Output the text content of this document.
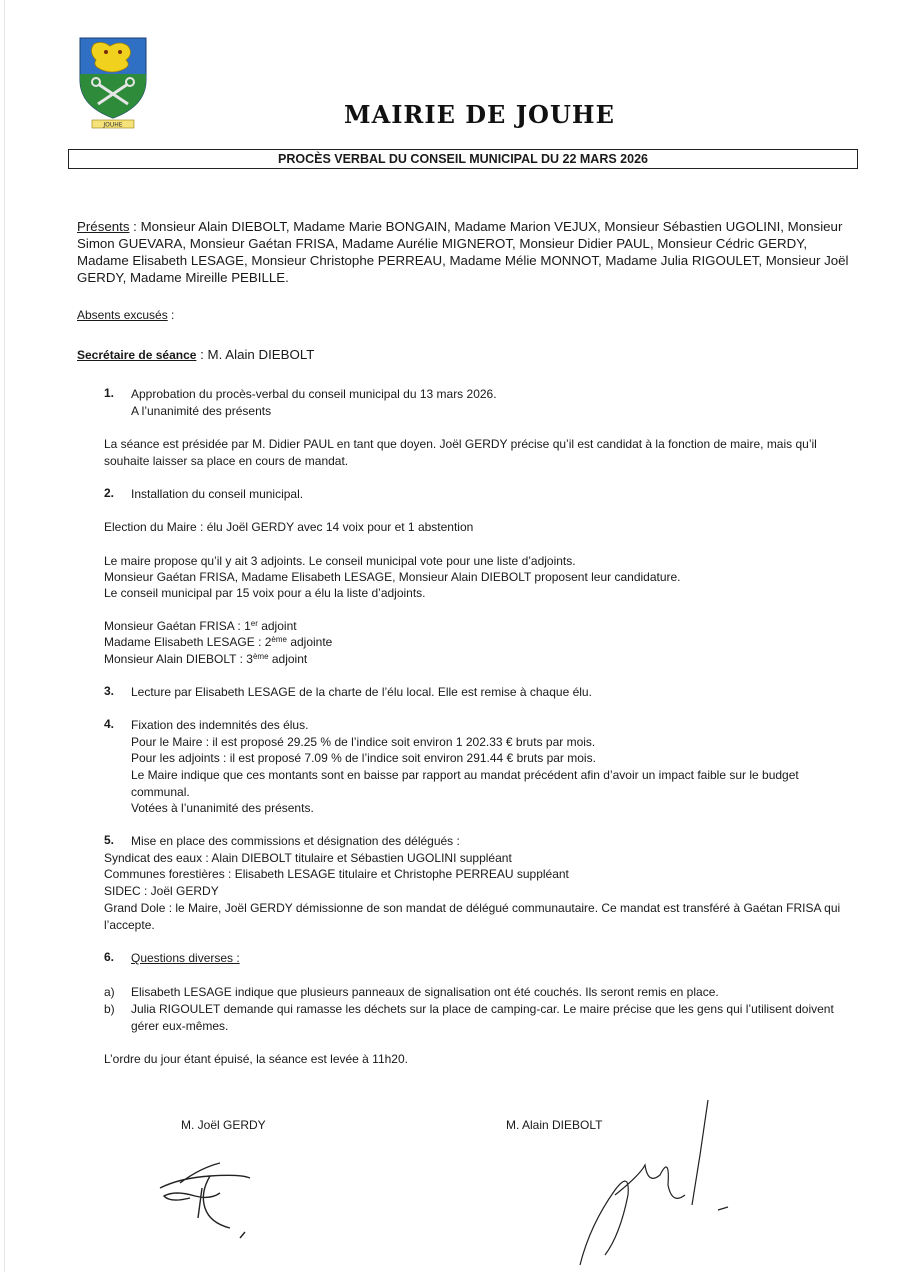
JOUHE	MAIRIE DE JOUHE
PROCÈS VERBAL DU CONSEIL MUNICIPAL DU 22 MARS 2026
Présents : Monsieur Alain DIEBOLT, Madame Marie BONGAIN, Madame Marion VEJUX, Monsieur Sébastien UGOLINI, Monsieur Simon GUEVARA, Monsieur Gaétan FRISA, Madame Aurélie MIGNEROT, Monsieur Didier PAUL, Monsieur Cédric GERDY, Madame Elisabeth LESAGE, Monsieur Christophe PERREAU, Madame Mélie MONNOT, Madame Julia RIGOULET, Monsieur Joël GERDY, Madame Mireille PEBILLE.
Absents excusés :
Secrétaire de séance : M. Alain DIEBOLT
1. Approbation du procès-verbal du conseil municipal du 13 mars 2026.
A l’unanimité des présents
La séance est présidée par M. Didier PAUL en tant que doyen. Joël GERDY précise qu’il est candidat à la fonction de maire, mais qu’il souhaite laisser sa place en cours de mandat.
2. Installation du conseil municipal.
Election du Maire : élu Joël GERDY avec 14 voix pour et 1 abstention
Le maire propose qu’il y ait 3 adjoints. Le conseil municipal vote pour une liste d’adjoints.
Monsieur Gaétan FRISA, Madame Elisabeth LESAGE, Monsieur Alain DIEBOLT proposent leur candidature.
Le conseil municipal par 15 voix pour a élu la liste d’adjoints.
Monsieur Gaétan FRISA : 1er adjoint
Madame Elisabeth LESAGE : 2ème adjointe
Monsieur Alain DIEBOLT : 3ème adjoint
3. Lecture par Elisabeth LESAGE de la charte de l’élu local. Elle est remise à chaque élu.
4. Fixation des indemnités des élus.
Pour le Maire : il est proposé 29.25 % de l’indice soit environ 1 202.33 € bruts par mois.
Pour les adjoints : il est proposé 7.09 % de l’indice soit environ 291.44 € bruts par mois.
Le Maire indique que ces montants sont en baisse par rapport au mandat précédent afin d’avoir un impact faible sur le budget communal.
Votées à l’unanimité des présents.
5. Mise en place des commissions et désignation des délégués :
Syndicat des eaux : Alain DIEBOLT titulaire et Sébastien UGOLINI suppléant
Communes forestières : Elisabeth LESAGE titulaire et Christophe PERREAU suppléant
SIDEC : Joël GERDY
Grand Dole : le Maire, Joël GERDY démissionne de son mandat de délégué communautaire. Ce mandat est transféré à Gaétan FRISA qui l’accepte.
6. Questions diverses :
a) Elisabeth LESAGE indique que plusieurs panneaux de signalisation ont été couchés. Ils seront remis en place.
b) Julia RIGOULET demande qui ramasse les déchets sur la place de camping-car. Le maire précise que les gens qui l’utilisent doivent gérer eux-mêmes.
L’ordre du jour étant épuisé, la séance est levée à 11h20.
M. Joël GERDY	M. Alain DIEBOLT
